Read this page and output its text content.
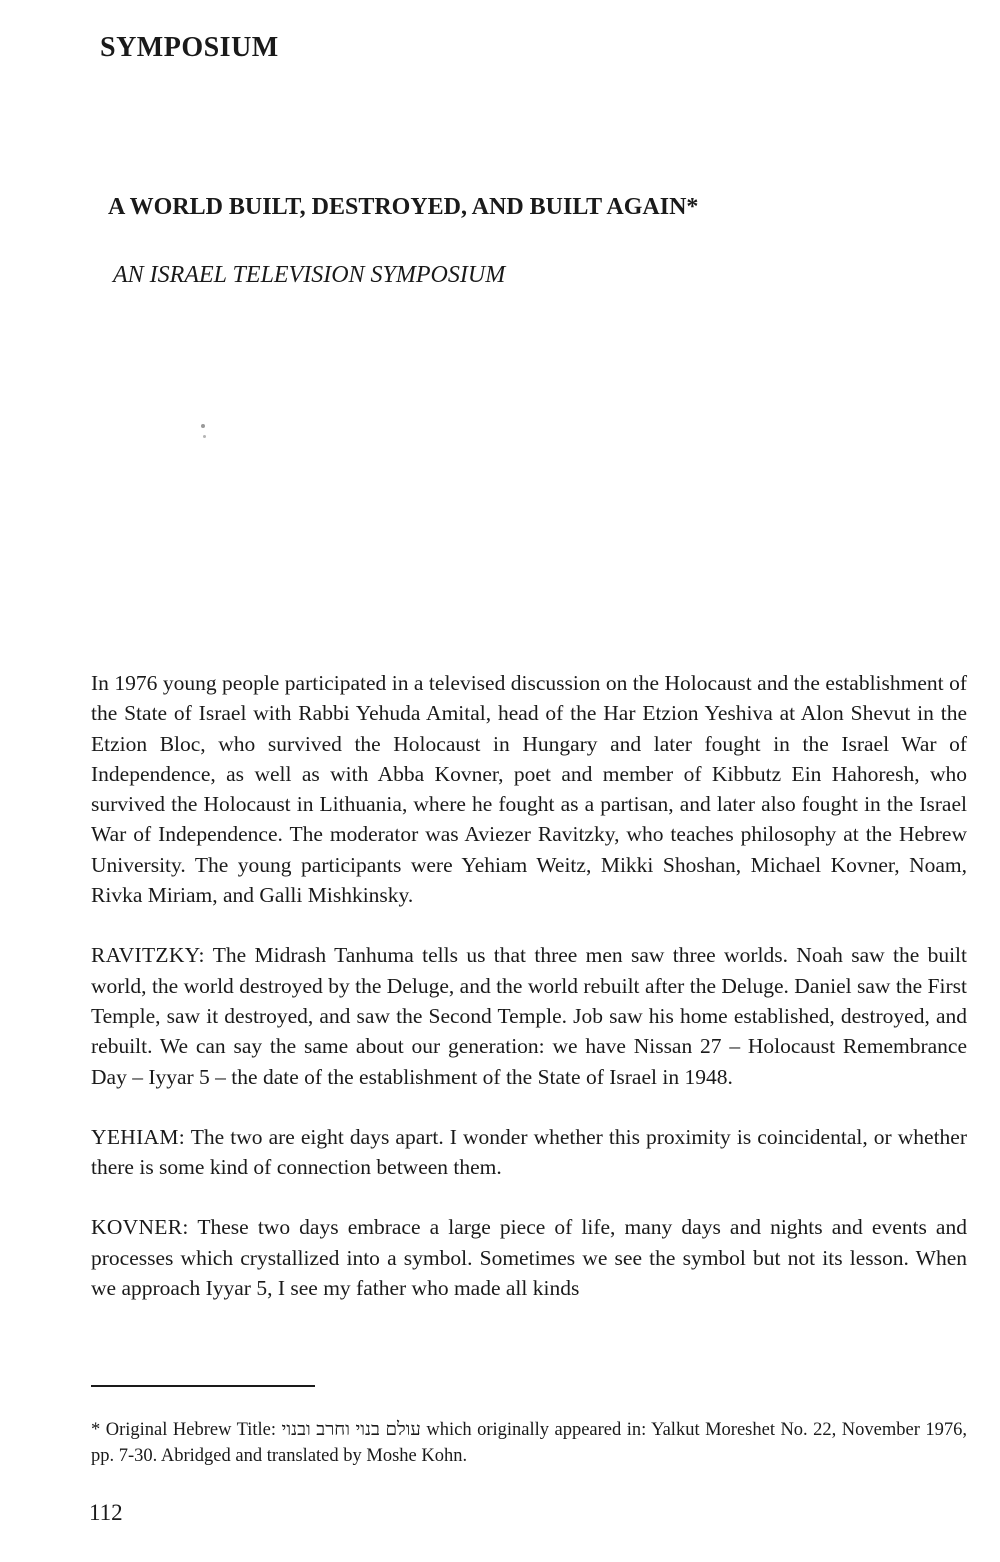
SYMPOSIUM
A WORLD BUILT, DESTROYED, AND BUILT AGAIN*
AN ISRAEL TELEVISION SYMPOSIUM

In 1976 young people participated in a televised discussion on the Holocaust and the establishment of the State of Israel with Rabbi Yehuda Amital, head of the Har Etzion Yeshiva at Alon Shevut in the Etzion Bloc, who survived the Holocaust in Hungary and later fought in the Israel War of Independence, as well as with Abba Kovner, poet and member of Kibbutz Ein Hahoresh, who survived the Holocaust in Lithuania, where he fought as a partisan, and later also fought in the Israel War of Independence. The moderator was Aviezer Ravitzky, who teaches philosophy at the Hebrew University. The young participants were Yehiam Weitz, Mikki Shoshan, Michael Kovner, Noam, Rivka Miriam, and Galli Mishkinsky.

RAVITZKY: The Midrash Tanhuma tells us that three men saw three worlds. Noah saw the built world, the world destroyed by the Deluge, and the world rebuilt after the Deluge. Daniel saw the First Temple, saw it destroyed, and saw the Second Temple. Job saw his home established, destroyed, and rebuilt. We can say the same about our generation: we have Nissan 27 – Holocaust Remembrance Day – Iyyar 5 – the date of the establishment of the State of Israel in 1948.

YEHIAM: The two are eight days apart. I wonder whether this proximity is coincidental, or whether there is some kind of connection between them.

KOVNER: These two days embrace a large piece of life, many days and nights and events and processes which crystallized into a symbol. Sometimes we see the symbol but not its lesson. When we approach Iyyar 5, I see my father who made all kinds

* Original Hebrew Title: עולם בנוי וחרב ובנוי which originally appeared in: Yalkut Moreshet No. 22, November 1976, pp. 7-30. Abridged and translated by Moshe Kohn.
112
